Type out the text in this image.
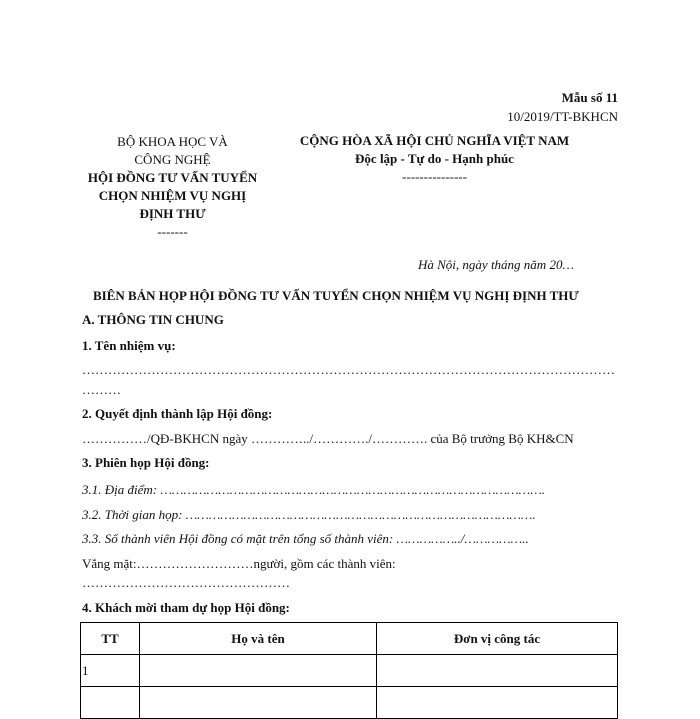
Mẫu số 11
10/2019/TT-BKHCN
BỘ KHOA HỌC VÀ
CÔNG NGHỆ
HỘI ĐỒNG TƯ VẤN TUYỂN
CHỌN NHIỆM VỤ NGHỊ
ĐỊNH THƯ
-------
CỘNG HÒA XÃ HỘI CHỦ NGHĨA VIỆT NAM
Độc lập - Tự do - Hạnh phúc
---------------
Hà Nội, ngày tháng năm 20…
BIÊN BẢN HỌP HỘI ĐỒNG TƯ VẤN TUYỂN CHỌN NHIỆM VỤ NGHỊ ĐỊNH THƯ
A. THÔNG TIN CHUNG
1. Tên nhiệm vụ:
……………………………………………………………………………………………………………
………
2. Quyết định thành lập Hội đồng:
……………/QĐ-BKHCN ngày …………../…………./…………. của Bộ trưởng Bộ KH&CN
3. Phiên họp Hội đồng:
3.1. Địa điểm: ……………………………………………………………………………………….
3.2. Thời gian họp: ……………………………………………………………………………….
3.3. Số thành viên Hội đồng có mặt trên tổng số thành viên: ……………../……………..
Vắng mặt:………………………người, gồm các thành viên:
…………………………………………
4. Khách mời tham dự họp Hội đồng:
TT	Họ và tên	Đơn vị công tác
1		
